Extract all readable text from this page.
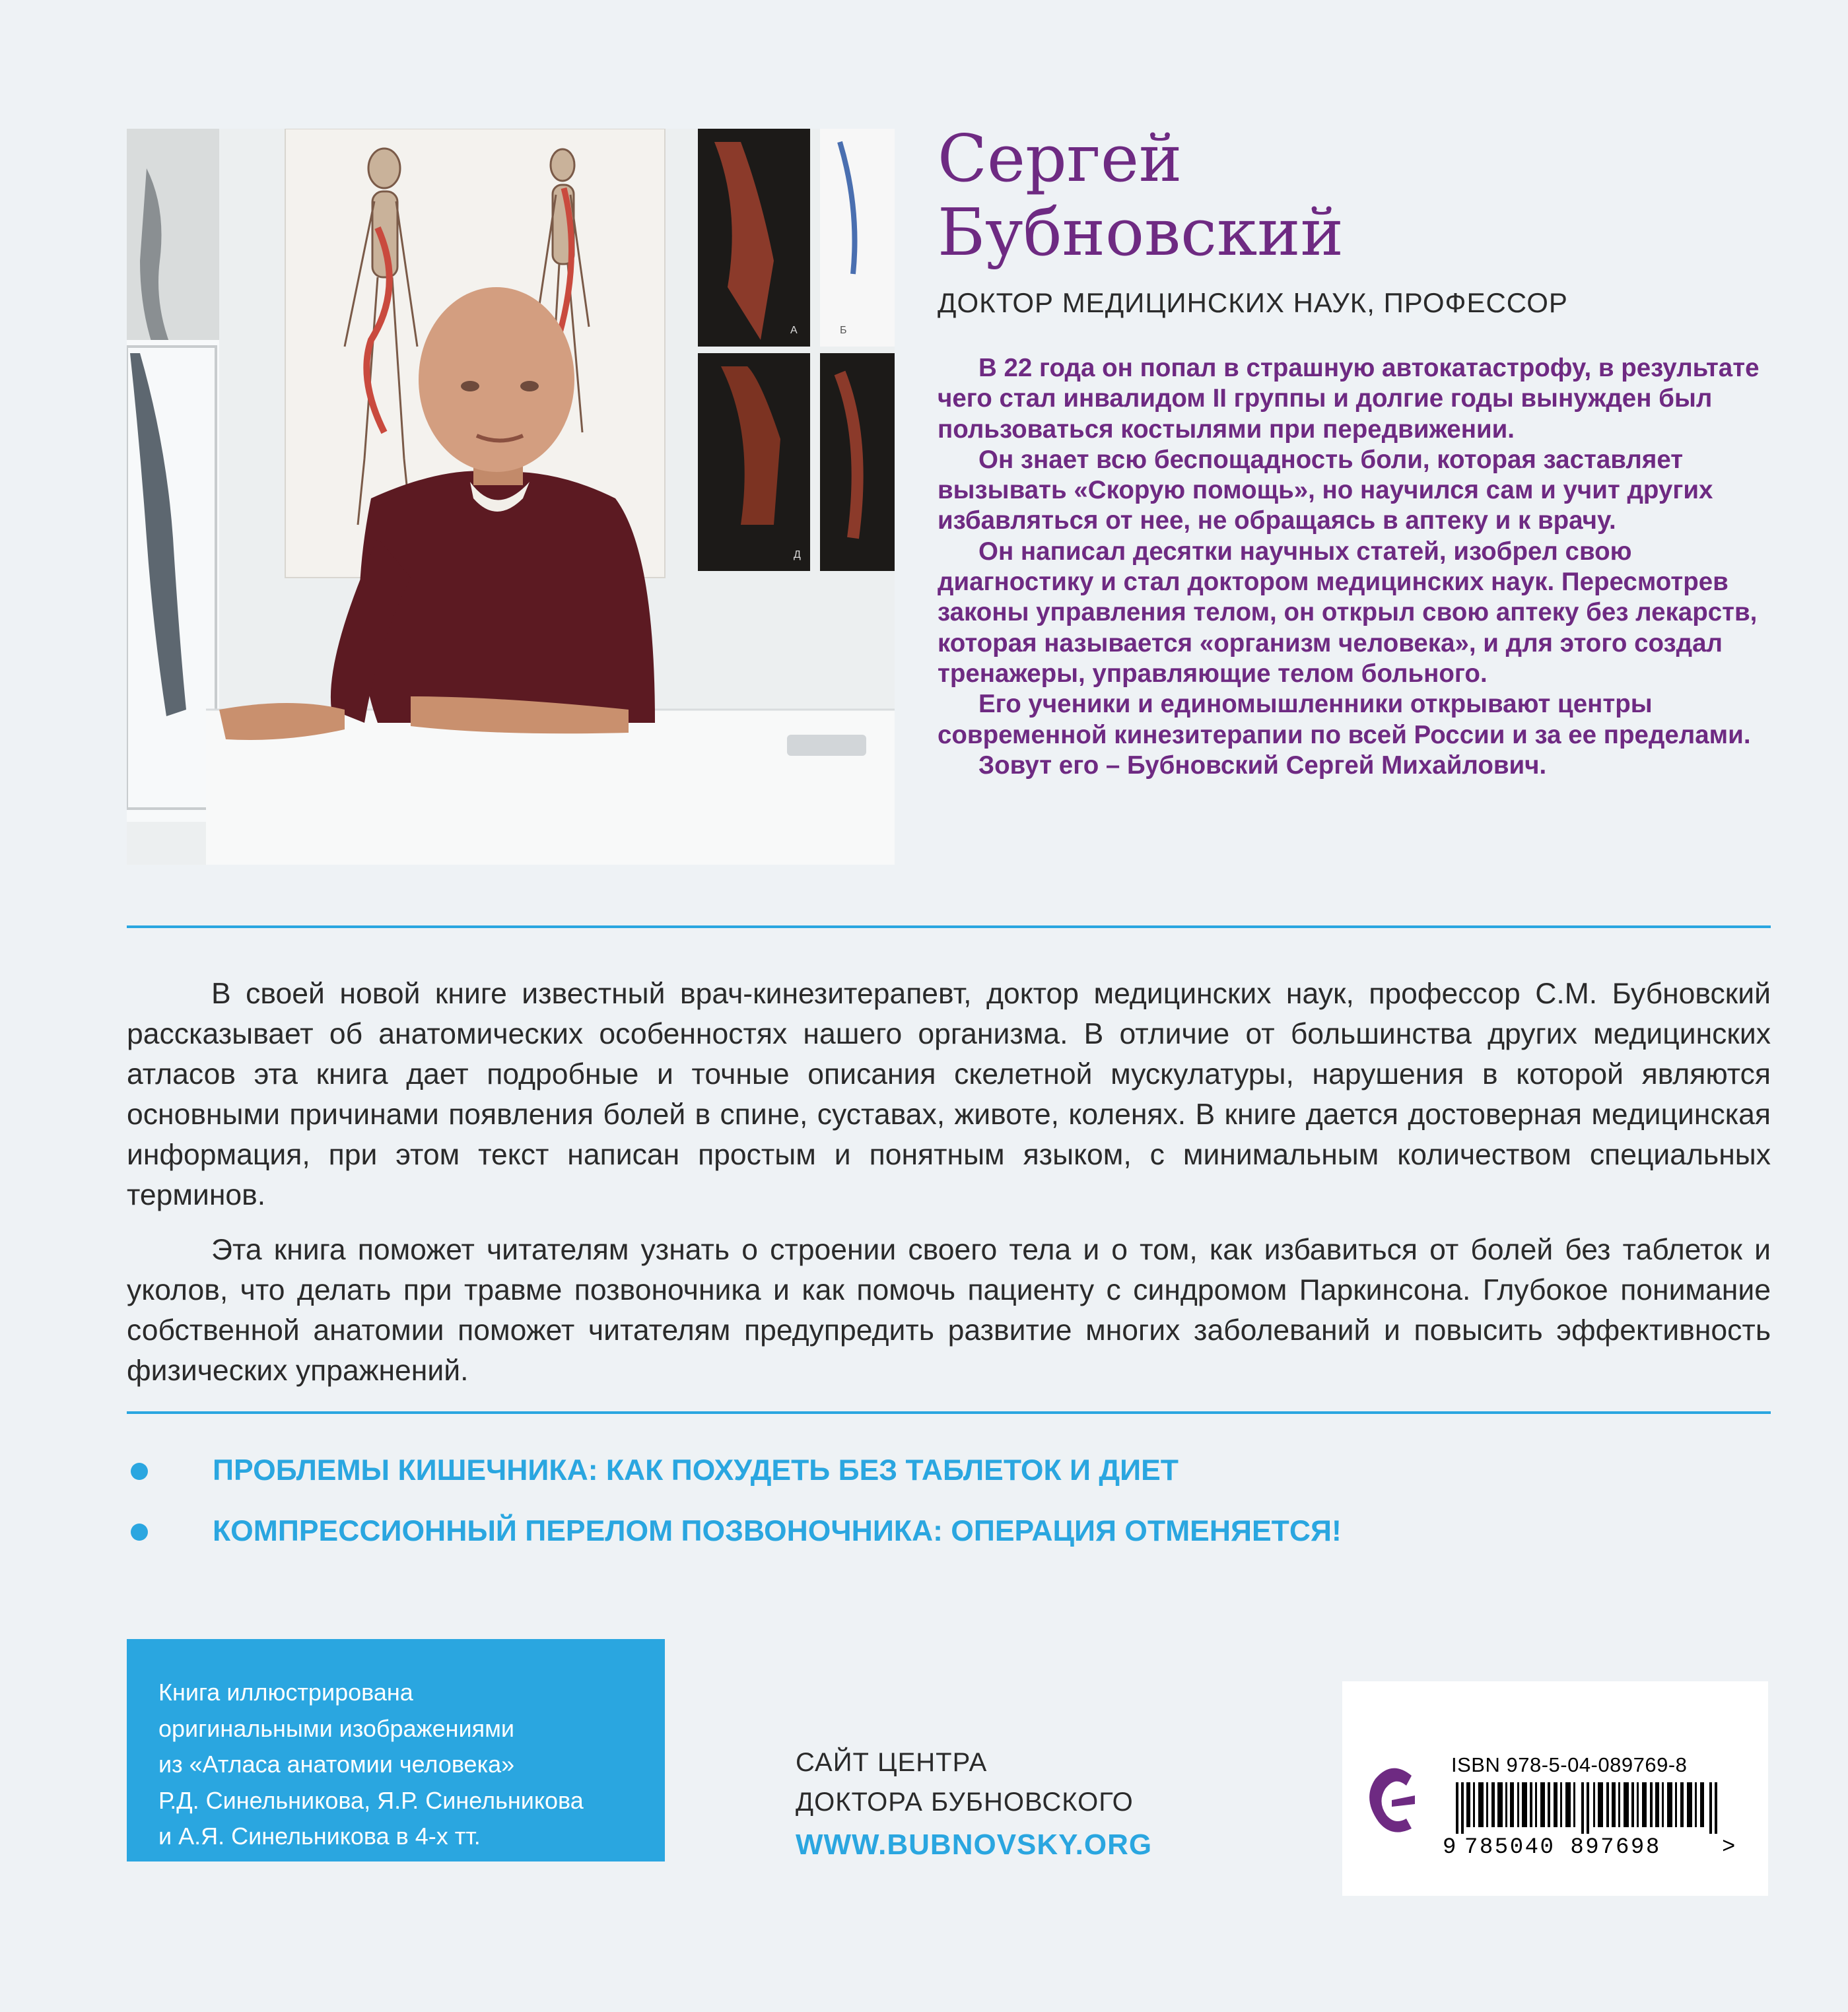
А	Б
Д
Сергей
Бубновский
ДОКТОР МЕДИЦИНСКИХ НАУК, ПРОФЕССОР

В 22 года он попал в страшную автокатастрофу, в результате чего стал инвалидом II группы и долгие годы вынужден был пользоваться костылями при передвижении.

Он знает всю беспощадность боли, которая заставляет вызывать «Скорую помощь», но научился сам и учит других избавляться от нее, не обращаясь в аптеку и к врачу.

Он написал десятки научных статей, изобрел свою диагностику и стал доктором медицинских наук. Пересмотрев законы управления телом, он открыл свою аптеку без лекарств, которая называется «организм человека», и для этого создал тренажеры, управляющие телом больного.

Его ученики и единомышленники открывают центры современной кинезитерапии по всей России и за ее пределами.

Зовут его – Бубновский Сергей Михайлович.

В своей новой книге известный врач-кинезитерапевт, доктор медицинских наук, профессор С.М. Бубновский рассказывает об анатомических особенностях нашего организма. В отличие от большинства других медицинских атласов эта книга дает подробные и точные описания скелетной мускулатуры, нарушения в которой являются основными причинами появления болей в спине, суставах, животе, коленях. В книге дается достоверная медицинская информация, при этом текст написан простым и понятным языком, с минимальным количеством специальных терминов.

Эта книга поможет читателям узнать о строении своего тела и о том, как избавиться от болей без таблеток и уколов, что делать при травме позвоночника и как помочь пациенту с синдромом Паркинсона. Глубокое понимание собственной анатомии поможет читателям предупредить развитие многих заболеваний и повысить эффективность физических упражнений.

ПРОБЛЕМЫ КИШЕЧНИКА: КАК ПОХУДЕТЬ БЕЗ ТАБЛЕТОК И ДИЕТ
КОМПРЕССИОННЫЙ ПЕРЕЛОМ ПОЗВОНОЧНИКА: ОПЕРАЦИЯ ОТМЕНЯЕТСЯ!
Книга иллюстрирована
оригинальными изображениями
из «Атласа анатомии человека»
Р.Д. Синельникова, Я.Р. Синельникова
и А.Я. Синельникова в 4-х тт.
САЙТ ЦЕНТРА
ДОКТОРА БУБНОВСКОГО
WWW.BUBNOVSKY.ORG
ISBN 978-5-04-089769-8
9 785040 897698	>
